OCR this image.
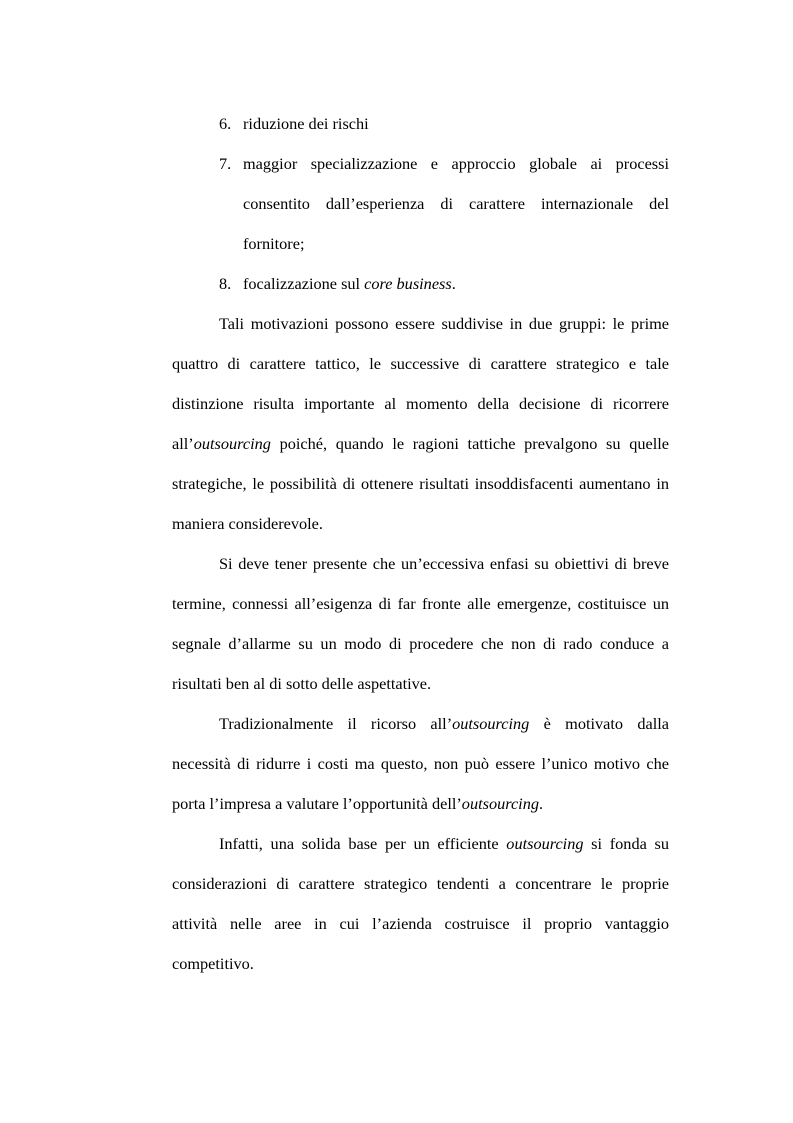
6. riduzione dei rischi
7. maggior specializzazione e approccio globale ai processi consentito dall’esperienza di carattere internazionale del fornitore;
8. focalizzazione sul core business.

Tali motivazioni possono essere suddivise in due gruppi: le prime quattro di carattere tattico, le successive di carattere strategico e tale distinzione risulta importante al momento della decisione di ricorrere all’outsourcing poiché, quando le ragioni tattiche prevalgono su quelle strategiche, le possibilità di ottenere risultati insoddisfacenti aumentano in maniera considerevole.

Si deve tener presente che un’eccessiva enfasi su obiettivi di breve termine, connessi all’esigenza di far fronte alle emergenze, costituisce un segnale d’allarme su un modo di procedere che non di rado conduce a risultati ben al di sotto delle aspettative.

Tradizionalmente il ricorso all’outsourcing è motivato dalla necessità di ridurre i costi ma questo, non può essere l’unico motivo che porta l’impresa a valutare l’opportunità dell’outsourcing.

Infatti, una solida base per un efficiente outsourcing si fonda su considerazioni di carattere strategico tendenti a concentrare le proprie attività nelle aree in cui l’azienda costruisce il proprio vantaggio competitivo.
